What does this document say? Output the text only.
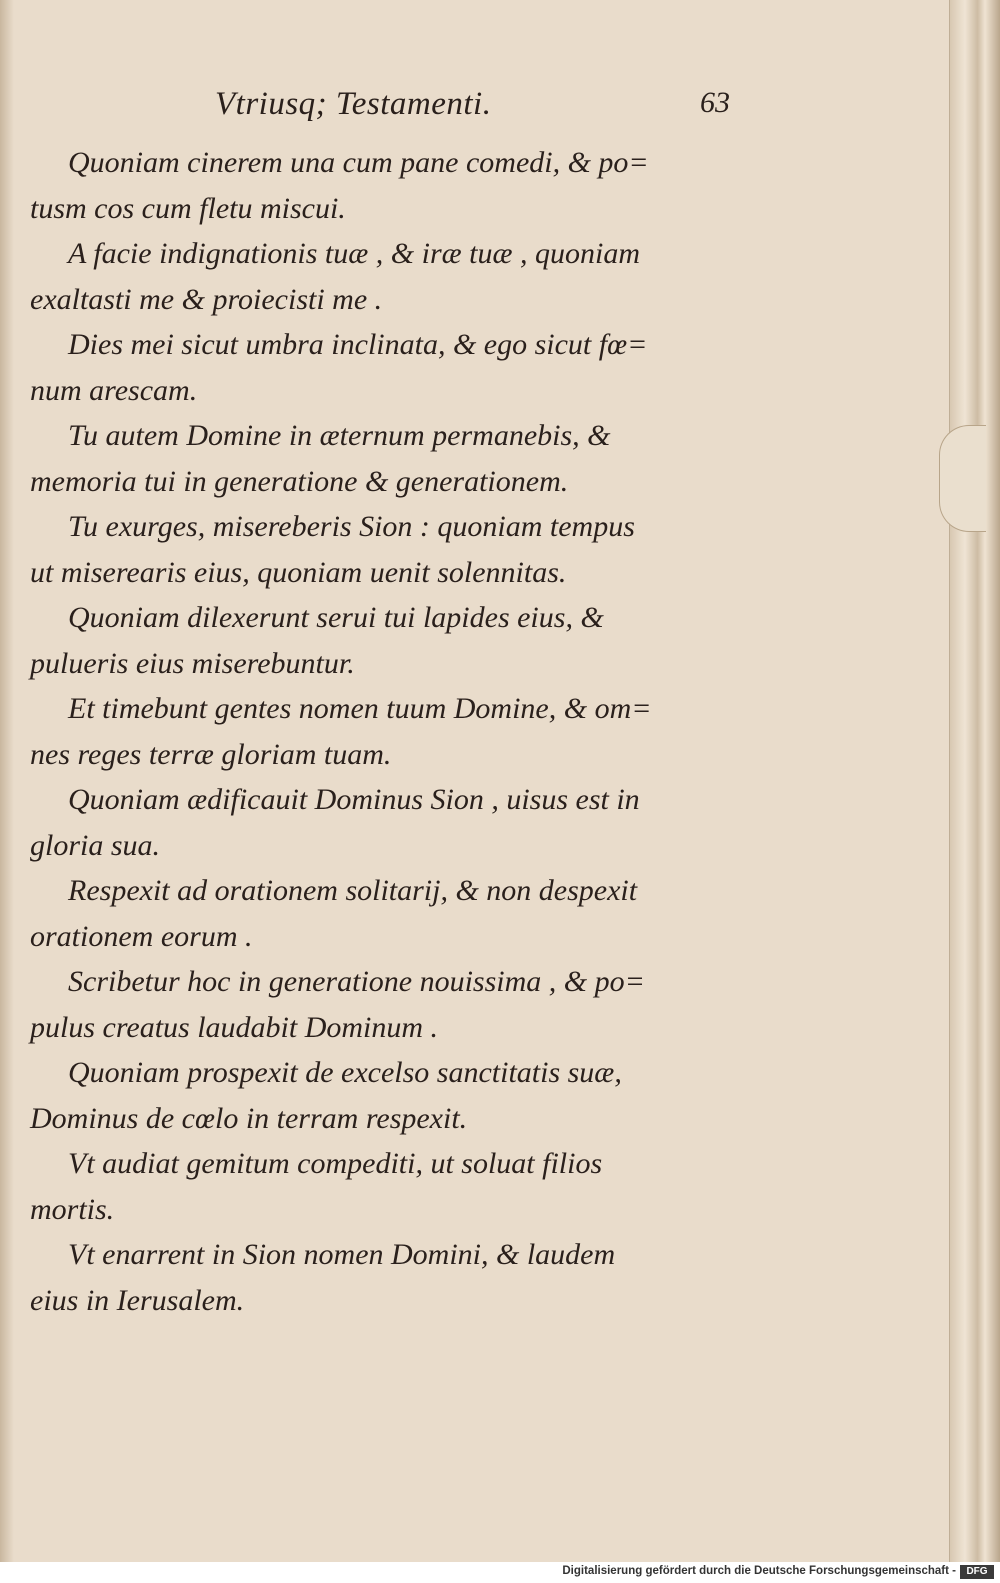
Vtriusq; Testamenti.	63
Quoniam cinerem una cum pane comedi, & po=
tusm cos cum fletu miscui.
A facie indignationis tuæ , & iræ tuæ , quoniam
exaltasti me & proiecisti me .
Dies mei sicut umbra inclinata, & ego sicut fœ=
num arescam.
Tu autem Domine in æternum permanebis, &
memoria tui in generatione & generationem.
Tu exurges, misereberis Sion : quoniam tempus
ut miserearis eius, quoniam uenit solennitas.
Quoniam dilexerunt serui tui lapides eius, &
pulueris eius miserebuntur.
Et timebunt gentes nomen tuum Domine, & om=
nes reges terræ gloriam tuam.
Quoniam ædificauit Dominus Sion , uisus est in
gloria sua.
Respexit ad orationem solitarij, & non despexit
orationem eorum .
Scribetur hoc in generatione nouissima , & po=
pulus creatus laudabit Dominum .
Quoniam prospexit de excelso sanctitatis suæ,
Dominus de cœlo in terram respexit.
Vt audiat gemitum compediti, ut soluat filios
mortis.
Vt enarrent in Sion nomen Domini, & laudem
eius in Ierusalem.
Digitalisierung gefördert durch die Deutsche Forschungsgemeinschaft -	DFG
